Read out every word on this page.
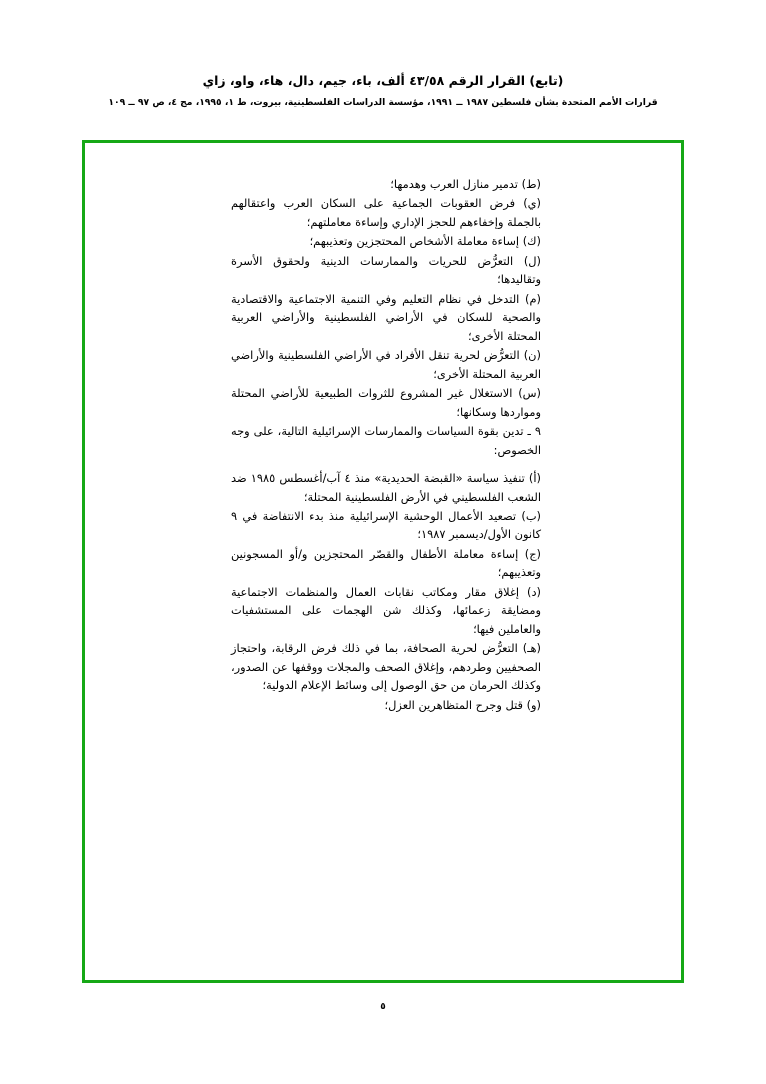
(تابع) القرار الرقم ٤٣/٥٨ ألف، باء، جيم، دال، هاء، واو، زاي
قرارات الأمم المتحدة بشأن فلسطين ١٩٨٧ ــ ١٩٩١، مؤسسة الدراسات الفلسطينية، بيروت، ط ١، ١٩٩٥، مج ٤، ص ٩٧ ــ ١٠٩

(ط) تدمير منازل العرب وهدمها؛

(ي) فرض العقوبات الجماعية على السكان العرب واعتقالهم بالجملة وإخفاءهم للحجز الإداري وإساءة معاملتهم؛

(ك) إساءة معاملة الأشخاص المحتجزين وتعذيبهم؛

(ل) التعرُّض للحريات والممارسات الدينية ولحقوق الأسرة وتقاليدها؛

(م) التدخل في نظام التعليم وفي التنمية الاجتماعية والاقتصادية والصحية للسكان في الأراضي الفلسطينية والأراضي العربية المحتلة الأخرى؛

(ن) التعرُّض لحرية تنقل الأفراد في الأراضي الفلسطينية والأراضي العربية المحتلة الأخرى؛

(س) الاستغلال غير المشروع للثروات الطبيعية للأراضي المحتلة ومواردها وسكانها؛

٩ ـ تدين بقوة السياسات والممارسات الإسرائيلية التالية، على وجه الخصوص:

(أ) تنفيذ سياسة «القبضة الحديدية» منذ ٤ آب/أغسطس ١٩٨٥ ضد الشعب الفلسطيني في الأرض الفلسطينية المحتلة؛

(ب) تصعيد الأعمال الوحشية الإسرائيلية منذ بدء الانتفاضة في ٩ كانون الأول/ديسمبر ١٩٨٧؛

(ج) إساءة معاملة الأطفال والقصّر المحتجزين و/أو المسجونين وتعذيبهم؛

(د) إغلاق مقار ومكاتب نقابات العمال والمنظمات الاجتماعية ومضايقة زعمائها، وكذلك شن الهجمات على المستشفيات والعاملين فيها؛

(هـ) التعرُّض لحرية الصحافة، بما في ذلك فرض الرقابة، واحتجاز الصحفيين وطردهم، وإغلاق الصحف والمجلات ووقفها عن الصدور، وكذلك الحرمان من حق الوصول إلى وسائط الإعلام الدولية؛

(و) قتل وجرح المتظاهرين العزل؛

٥
